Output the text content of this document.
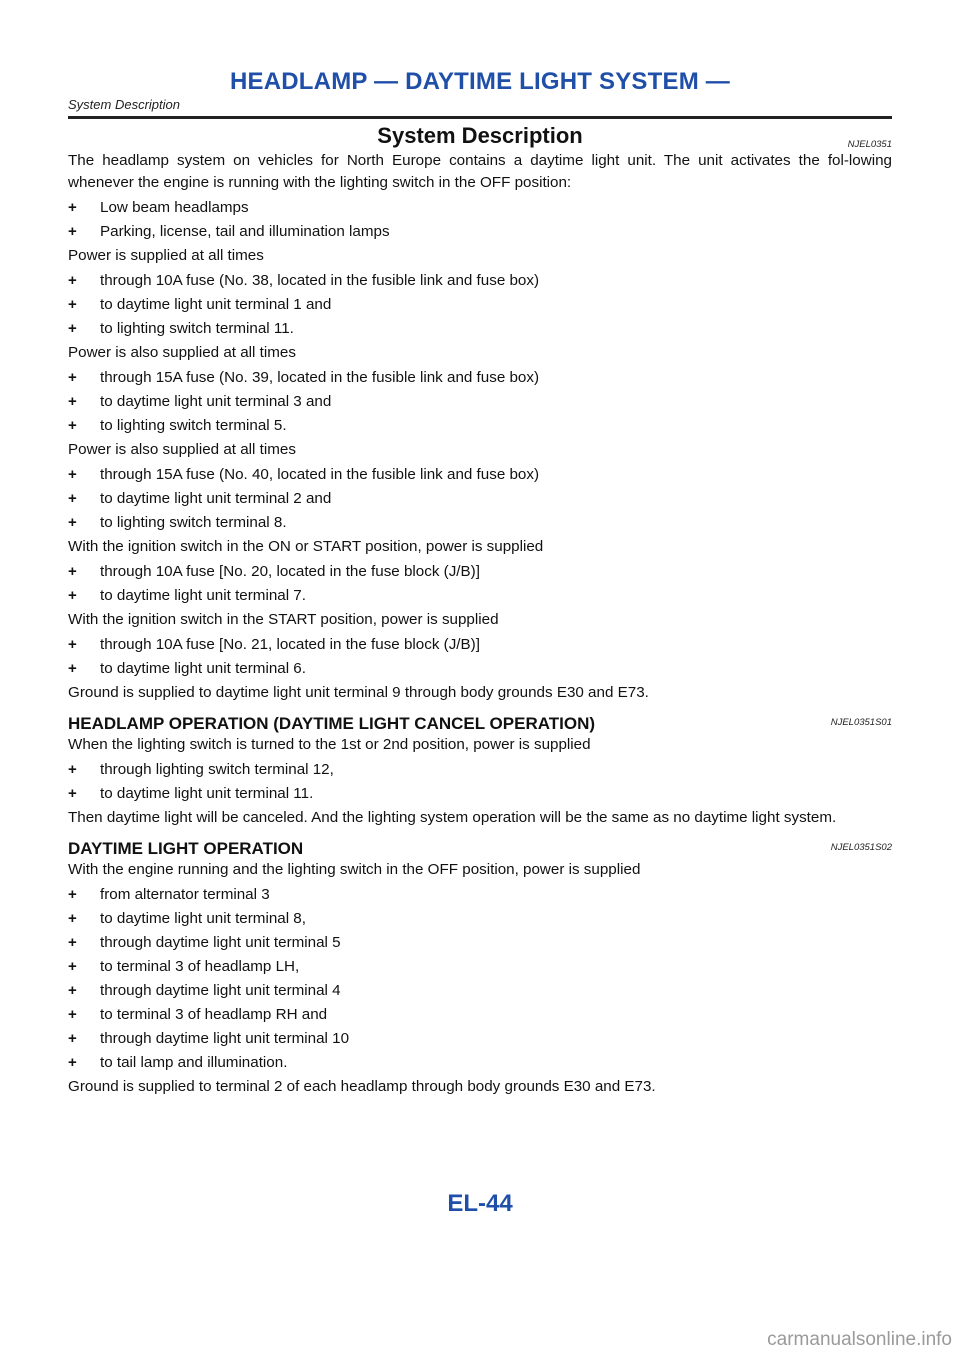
HEADLAMP — DAYTIME LIGHT SYSTEM —
System Description
System Description	NJEL0351

The headlamp system on vehicles for North Europe contains a daytime light unit. The unit activates the fol-lowing whenever the engine is running with the lighting switch in the OFF position:

+	Low beam headlamps
+	Parking, license, tail and illumination lamps

Power is supplied at all times

+	through 10A fuse (No. 38, located in the fusible link and fuse box)
+	to daytime light unit terminal 1 and
+	to lighting switch terminal 11.

Power is also supplied at all times

+	through 15A fuse (No. 39, located in the fusible link and fuse box)
+	to daytime light unit terminal 3 and
+	to lighting switch terminal 5.

Power is also supplied at all times

+	through 15A fuse (No. 40, located in the fusible link and fuse box)
+	to daytime light unit terminal 2 and
+	to lighting switch terminal 8.

With the ignition switch in the ON or START position, power is supplied

+	through 10A fuse [No. 20, located in the fuse block (J/B)]
+	to daytime light unit terminal 7.

With the ignition switch in the START position, power is supplied

+	through 10A fuse [No. 21, located in the fuse block (J/B)]
+	to daytime light unit terminal 6.

Ground is supplied to daytime light unit terminal 9 through body grounds E30 and E73.

HEADLAMP OPERATION (DAYTIME LIGHT CANCEL OPERATION)	NJEL0351S01

When the lighting switch is turned to the 1st or 2nd position, power is supplied

+	through lighting switch terminal 12,
+	to daytime light unit terminal 11.

Then daytime light will be canceled. And the lighting system operation will be the same as no daytime light system.

DAYTIME LIGHT OPERATION	NJEL0351S02

With the engine running and the lighting switch in the OFF position, power is supplied

+	from alternator terminal 3
+	to daytime light unit terminal 8,
+	through daytime light unit terminal 5
+	to terminal 3 of headlamp LH,
+	through daytime light unit terminal 4
+	to terminal 3 of headlamp RH and
+	through daytime light unit terminal 10
+	to tail lamp and illumination.

Ground is supplied to terminal 2 of each headlamp through body grounds E30 and E73.

EL-44
carmanualsonline.info
